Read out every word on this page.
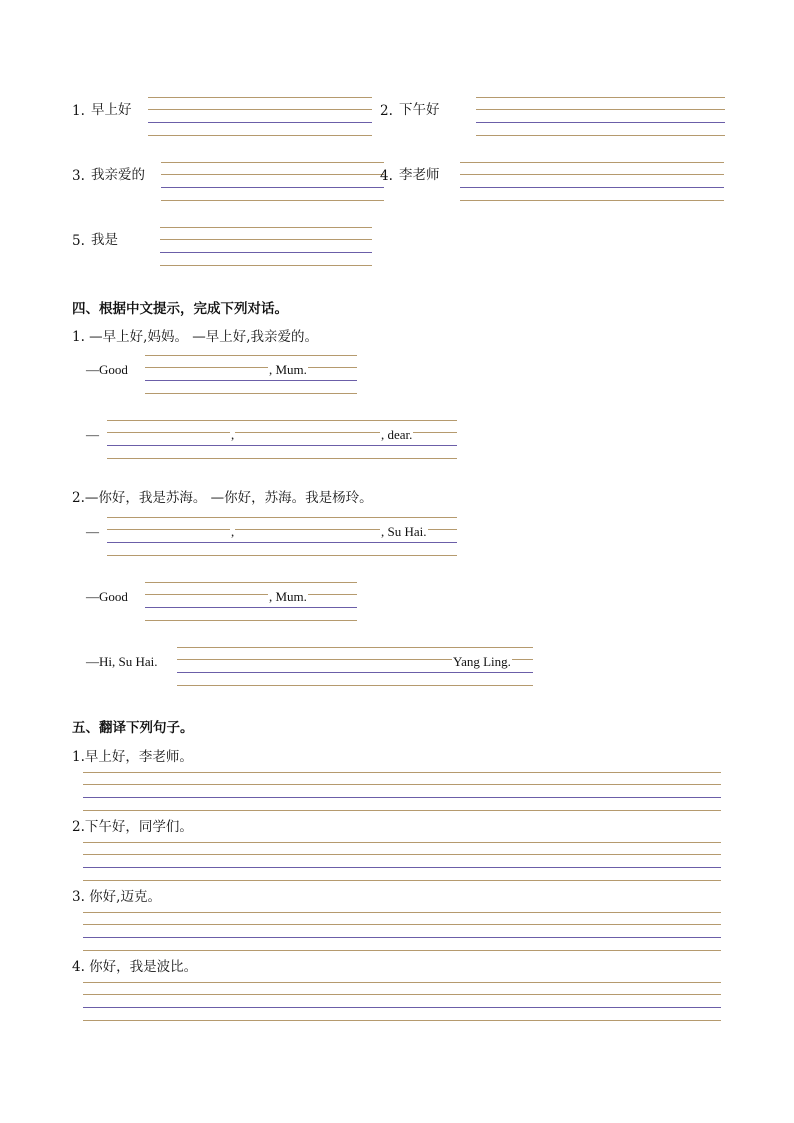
1. 早上好	2. 下午好
3. 我亲爱的	4. 李老师
5. 我是
四、根据中文提示，完成下列对话。
1. —早上好,妈妈。 —早上好,我亲爱的。
—Good	, Mum.
—	,	, dear.
2.—你好，我是苏海。 —你好，苏海。我是杨玲。
—	,	, Su Hai.
—Good	, Mum.
—Hi, Su Hai.	Yang Ling.
五、翻译下列句子。
1.早上好，李老师。
2.下午好，同学们。
3. 你好,迈克。
4. 你好，我是波比。
